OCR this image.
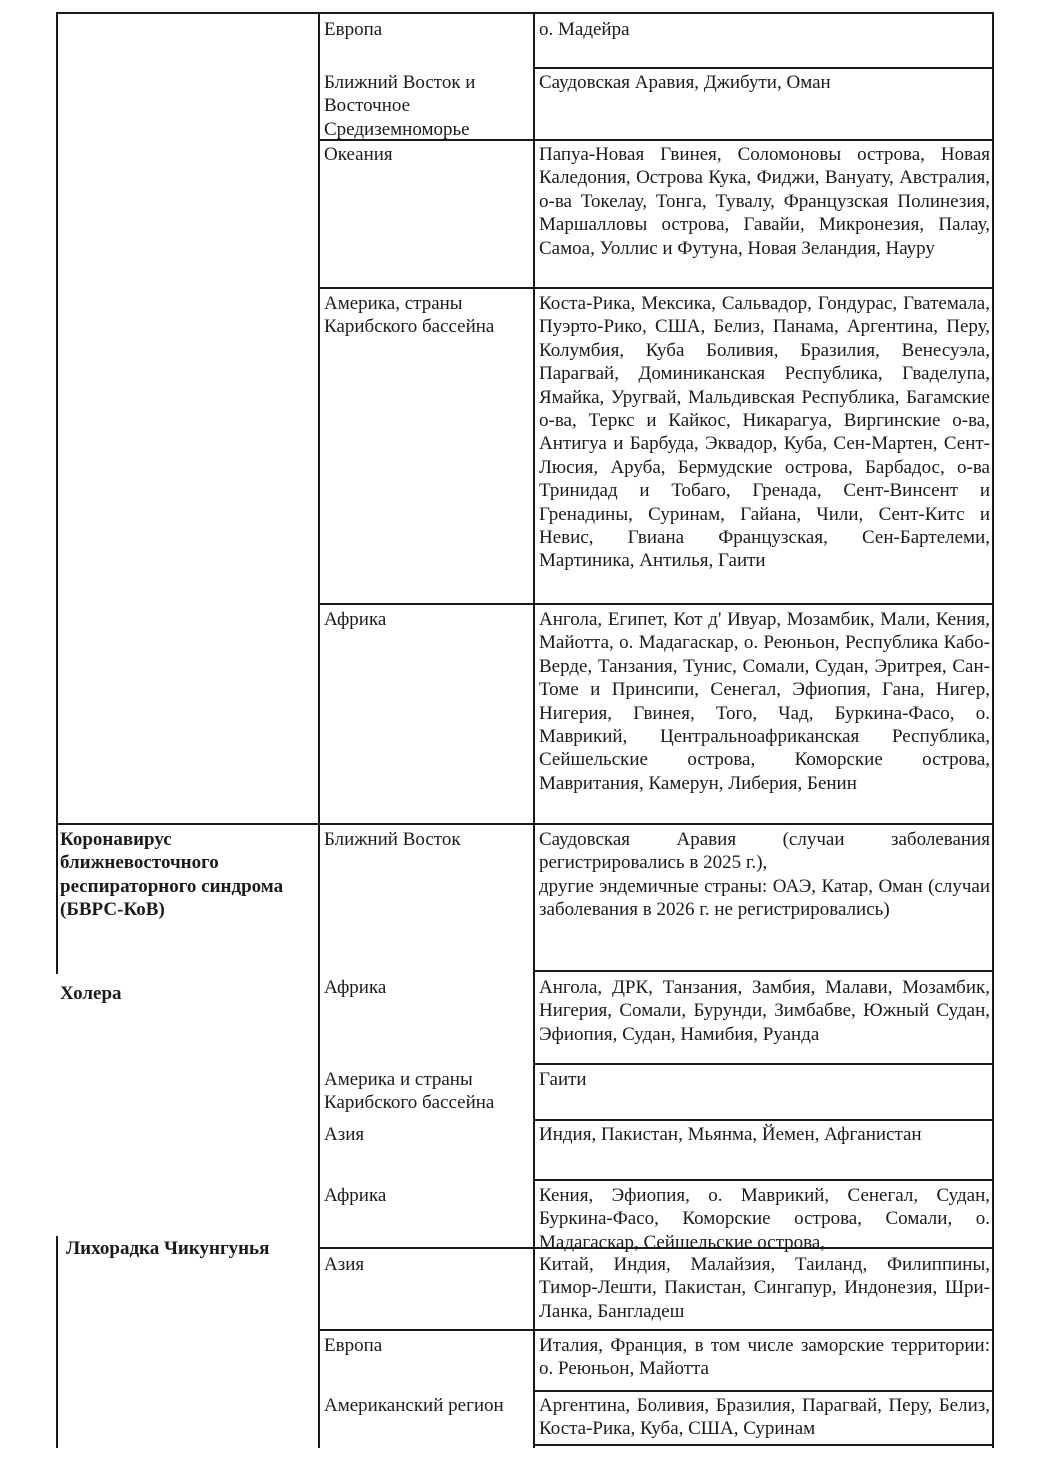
Коронавирус ближневосточного респираторного синдрома (БВРС-КоВ)
Холера
Лихорадка Чикунгунья
Европа
Ближний Восток и Восточное Средиземноморье
Океания
Америка, страны Карибского бассейна
Африка
Ближний Восток
Африка
Америка и страны Карибского бассейна
Азия
Африка
Азия
Европа
Американский регион
о. Мадейра
Саудовская Аравия, Джибути, Оман
Папуа-Новая Гвинея, Соломоновы острова, Новая Каледония, Острова Кука, Фиджи, Вануату, Австралия, о-ва Токелау, Тонга, Тувалу, Французская Полинезия, Маршалловы острова, Гавайи, Микронезия, Палау, Самоа, Уоллис и Футуна, Новая Зеландия, Науру
Коста-Рика, Мексика, Сальвадор, Гондурас, Гватемала, Пуэрто-Рико, США, Белиз, Панама, Аргентина, Перу, Колумбия, Куба Боливия, Бразилия, Венесуэла, Парагвай, Доминиканская Республика, Гваделупа, Ямайка, Уругвай, Мальдивская Республика, Багамские о-ва, Теркс и Кайкос, Никарагуа, Виргинские о-ва, Антигуа и Барбуда, Эквадор, Куба, Сен-Мартен, Сент-Люсия, Аруба, Бермудские острова, Барбадос, о-ва Тринидад и Тобаго, Гренада, Сент-Винсент и Гренадины, Суринам, Гайана, Чили, Сент-Китс и Невис, Гвиана Французская, Сен-Бартелеми, Мартиника, Антилья, Гаити
Ангола, Египет, Кот д' Ивуар, Мозамбик, Мали, Кения, Майотта, о. Мадагаскар, о. Реюньон, Республика Кабо-Верде, Танзания, Тунис, Сомали, Судан, Эритрея, Сан-Томе и Принсипи, Сенегал, Эфиопия, Гана, Нигер, Нигерия, Гвинея, Того, Чад, Буркина-Фасо, о. Маврикий, Центральноафриканская Республика, Сейшельские острова, Коморские острова, Мавритания, Камерун, Либерия, Бенин
Саудовская Аравия (случаи заболевания регистрировались в 2025 г.),
другие эндемичные страны: ОАЭ, Катар, Оман (случаи заболевания в 2026 г. не регистрировались)
Ангола, ДРК, Танзания, Замбия, Малави, Мозамбик, Нигерия, Сомали, Бурунди, Зимбабве, Южный Судан, Эфиопия, Судан, Намибия, Руанда
Гаити
Индия, Пакистан, Мьянма, Йемен, Афганистан
Кения, Эфиопия, о. Маврикий, Сенегал, Судан, Буркина-Фасо, Коморские острова, Сомали, о. Мадагаскар, Сейшельские острова,
Китай, Индия, Малайзия, Таиланд, Филиппины, Тимор-Лешти, Пакистан, Сингапур, Индонезия, Шри-Ланка, Бангладеш
Италия, Франция, в том числе заморские территории: о. Реюньон, Майотта
Аргентина, Боливия, Бразилия, Парагвай, Перу, Белиз, Коста-Рика, Куба, США, Суринам
